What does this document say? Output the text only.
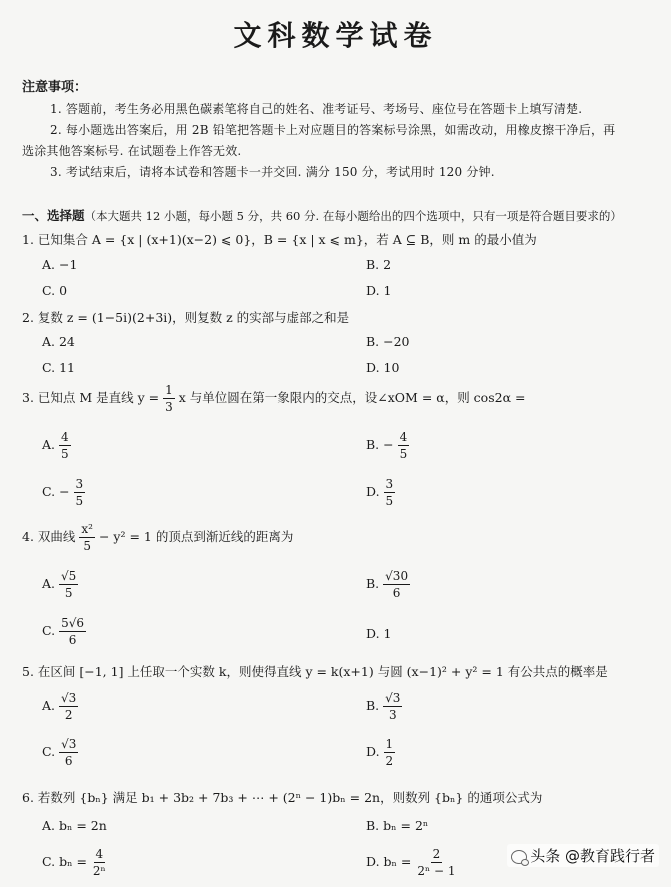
文科数学试卷
注意事项：
1. 答题前，考生务必用黑色碳素笔将自己的姓名、准考证号、考场号、座位号在答题卡上填写清楚.
2. 每小题选出答案后，用 2B 铅笔把答题卡上对应题目的答案标号涂黑，如需改动，用橡皮擦干净后，再
选涂其他答案标号. 在试题卷上作答无效.
3. 考试结束后，请将本试卷和答题卡一并交回. 满分 150 分，考试用时 120 分钟.
一、选择题（本大题共 12 小题，每小题 5 分，共 60 分. 在每小题给出的四个选项中，只有一项是符合题目要求的）
1. 已知集合 A = {x | (x+1)(x−2) ⩽ 0}，B = {x | x ⩽ m}，若 A ⊆ B，则 m 的最小值为
A. −1	B. 2
C. 0	D. 1
2. 复数 z = (1−5i)(2+3i)，则复数 z 的实部与虚部之和是
A. 24	B. −20
C. 11	D. 10
3. 已知点 M 是直线 $y = \frac{1}{3}$ x 与单位圆在第一象限内的交点，设∠xOM = α，则 cos2α =
A. $\frac{4}{5}$	B. − $\frac{4}{5}$
C. − $\frac{3}{5}$	D. $\frac{3}{5}$
4. 双曲线 $\frac{\text{x²}}{5} - y^2 = 1$ 的顶点到渐近线的距离为
A. $\frac{√5}{5}$	B. $\frac{√30}{6}$
C. $\frac{5√6}{6}$	D. 1
5. 在区间 [−1, 1] 上任取一个实数 k，则使得直线 y = k(x+1) 与圆 (x−1)² + y² = 1 有公共点的概率是
A. $\frac{√3}{2}$	B. $\frac{√3}{3}$
C. $\frac{√3}{6}$	D. $\frac{1}{2}$
6. 若数列 {bₙ} 满足 b₁ + 3b₂ + 7b₃ + ⋯ + (2ⁿ − 1)bₙ = 2n，则数列 {bₙ} 的通项公式为
A. bₙ = 2n	B. bₙ = 2ⁿ
C. $b_n = \frac{4}{\text{2ⁿ}}$	D. $b_n = \frac{2}{\text{2ⁿ − 1}}$	头条 @教育践行者
